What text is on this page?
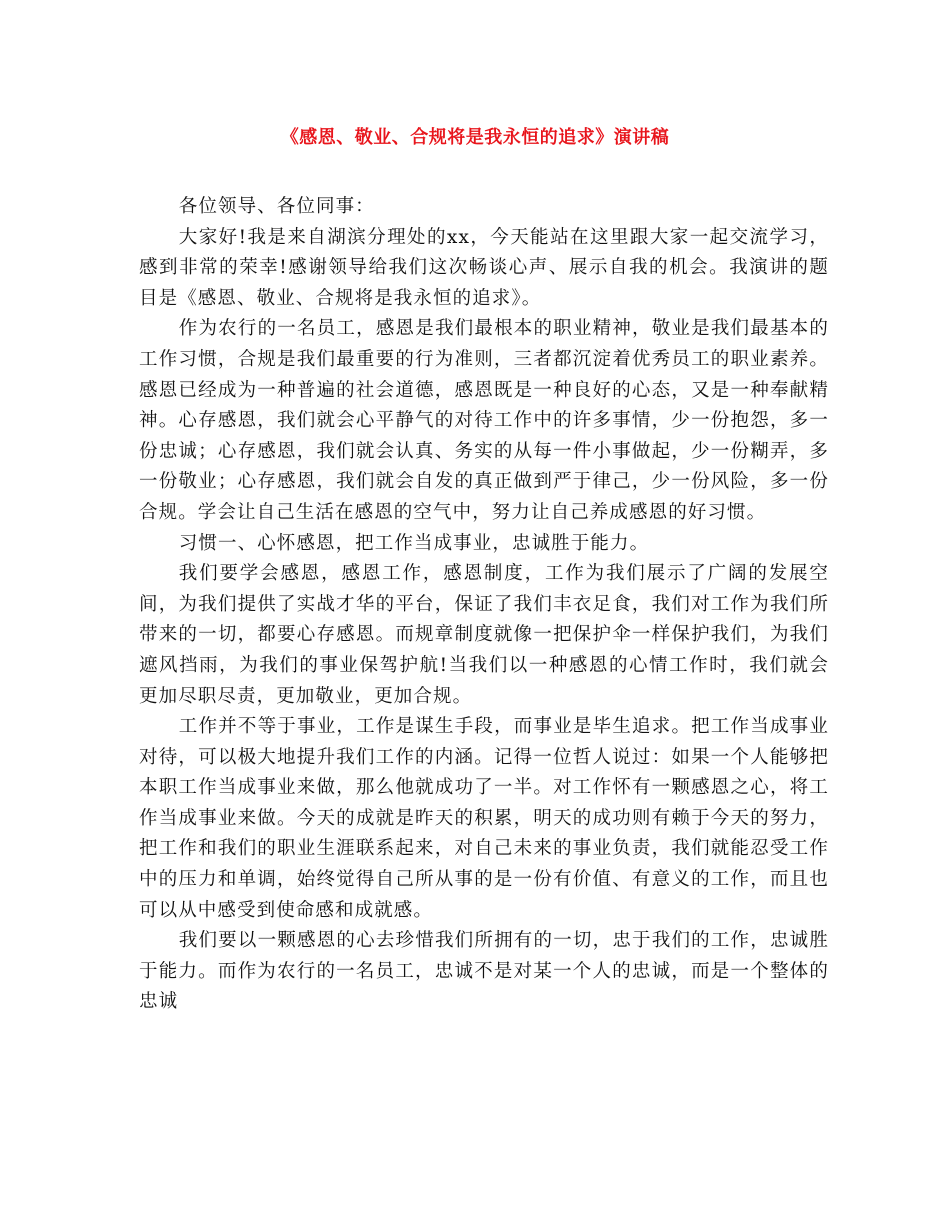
《感恩、敬业、合规将是我永恒的追求》演讲稿

各位领导、各位同事：

大家好!我是来自湖滨分理处的xx，今天能站在这里跟大家一起交流学习，感到非常的荣幸!感谢领导给我们这次畅谈心声、展示自我的机会。我演讲的题目是《感恩、敬业、合规将是我永恒的追求》。

作为农行的一名员工，感恩是我们最根本的职业精神，敬业是我们最基本的工作习惯，合规是我们最重要的行为准则，三者都沉淀着优秀员工的职业素养。感恩已经成为一种普遍的社会道德，感恩既是一种良好的心态，又是一种奉献精神。心存感恩，我们就会心平静气的对待工作中的许多事情，少一份抱怨，多一份忠诚；心存感恩，我们就会认真、务实的从每一件小事做起，少一份糊弄，多一份敬业；心存感恩，我们就会自发的真正做到严于律己，少一份风险，多一份合规。学会让自己生活在感恩的空气中，努力让自己养成感恩的好习惯。

习惯一、心怀感恩，把工作当成事业，忠诚胜于能力。

我们要学会感恩，感恩工作，感恩制度，工作为我们展示了广阔的发展空间，为我们提供了实战才华的平台，保证了我们丰衣足食，我们对工作为我们所带来的一切，都要心存感恩。而规章制度就像一把保护伞一样保护我们，为我们遮风挡雨，为我们的事业保驾护航!当我们以一种感恩的心情工作时，我们就会更加尽职尽责，更加敬业，更加合规。

工作并不等于事业，工作是谋生手段，而事业是毕生追求。把工作当成事业对待，可以极大地提升我们工作的内涵。记得一位哲人说过：如果一个人能够把本职工作当成事业来做，那么他就成功了一半。对工作怀有一颗感恩之心，将工作当成事业来做。今天的成就是昨天的积累，明天的成功则有赖于今天的努力，把工作和我们的职业生涯联系起来，对自己未来的事业负责，我们就能忍受工作中的压力和单调，始终觉得自己所从事的是一份有价值、有意义的工作，而且也可以从中感受到使命感和成就感。

我们要以一颗感恩的心去珍惜我们所拥有的一切，忠于我们的工作，忠诚胜于能力。而作为农行的一名员工，忠诚不是对某一个人的忠诚，而是一个整体的忠诚
